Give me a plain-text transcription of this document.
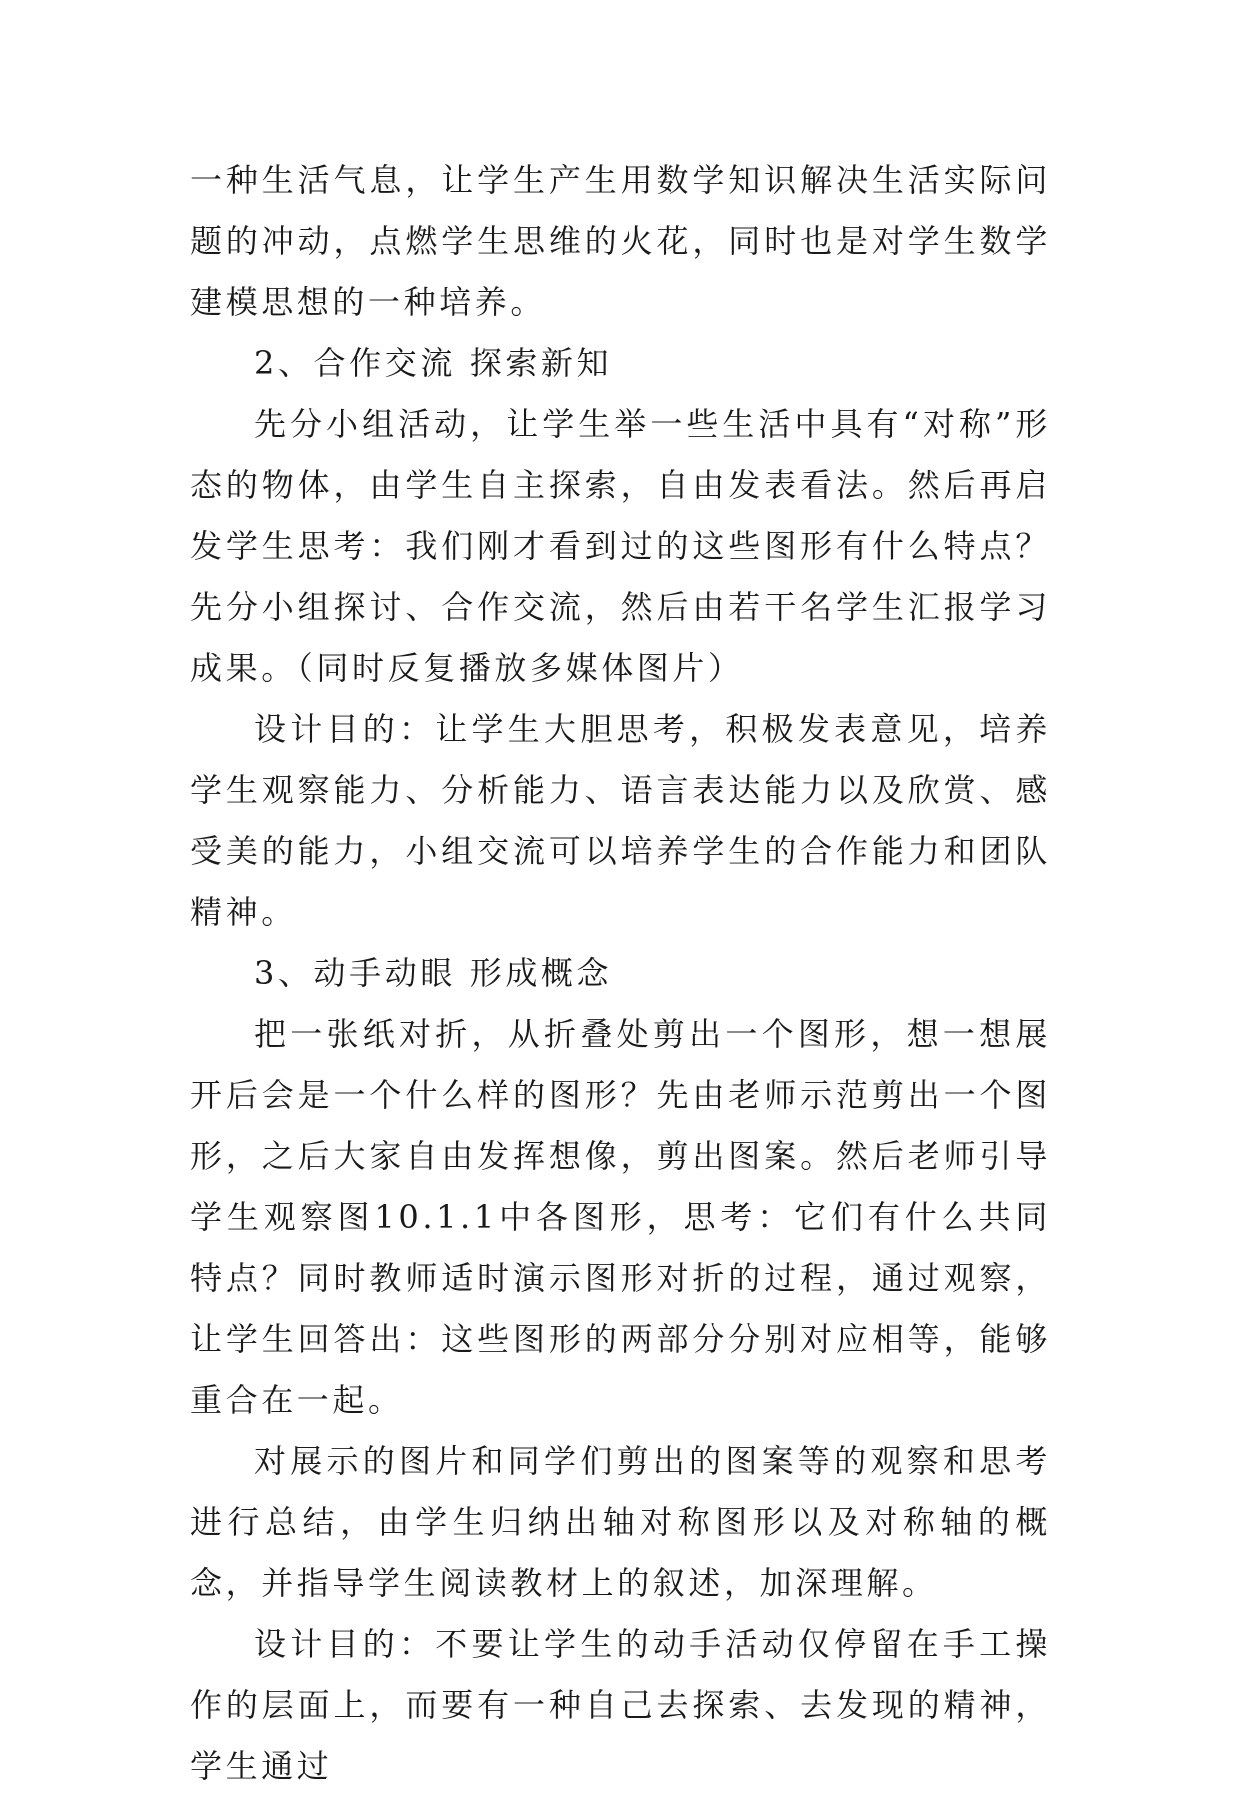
一种生活气息，让学生产生用数学知识解决生活实际问题的冲动，点燃学生思维的火花，同时也是对学生数学建模思想的一种培养。

2、合作交流 探索新知

先分小组活动，让学生举一些生活中具有“对称”形态的物体，由学生自主探索，自由发表看法。然后再启发学生思考：我们刚才看到过的这些图形有什么特点？先分小组探讨、合作交流，然后由若干名学生汇报学习成果。（同时反复播放多媒体图片）

设计目的：让学生大胆思考，积极发表意见，培养学生观察能力、分析能力、语言表达能力以及欣赏、感受美的能力，小组交流可以培养学生的合作能力和团队精神。

3、动手动眼 形成概念

把一张纸对折，从折叠处剪出一个图形，想一想展开后会是一个什么样的图形？先由老师示范剪出一个图形，之后大家自由发挥想像，剪出图案。然后老师引导学生观察图10.1.1中各图形，思考：它们有什么共同特点？同时教师适时演示图形对折的过程，通过观察，让学生回答出：这些图形的两部分分别对应相等，能够重合在一起。

对展示的图片和同学们剪出的图案等的观察和思考进行总结，由学生归纳出轴对称图形以及对称轴的概念，并指导学生阅读教材上的叙述，加深理解。

设计目的：不要让学生的动手活动仅停留在手工操作的层面上，而要有一种自己去探索、去发现的精神，学生通过
